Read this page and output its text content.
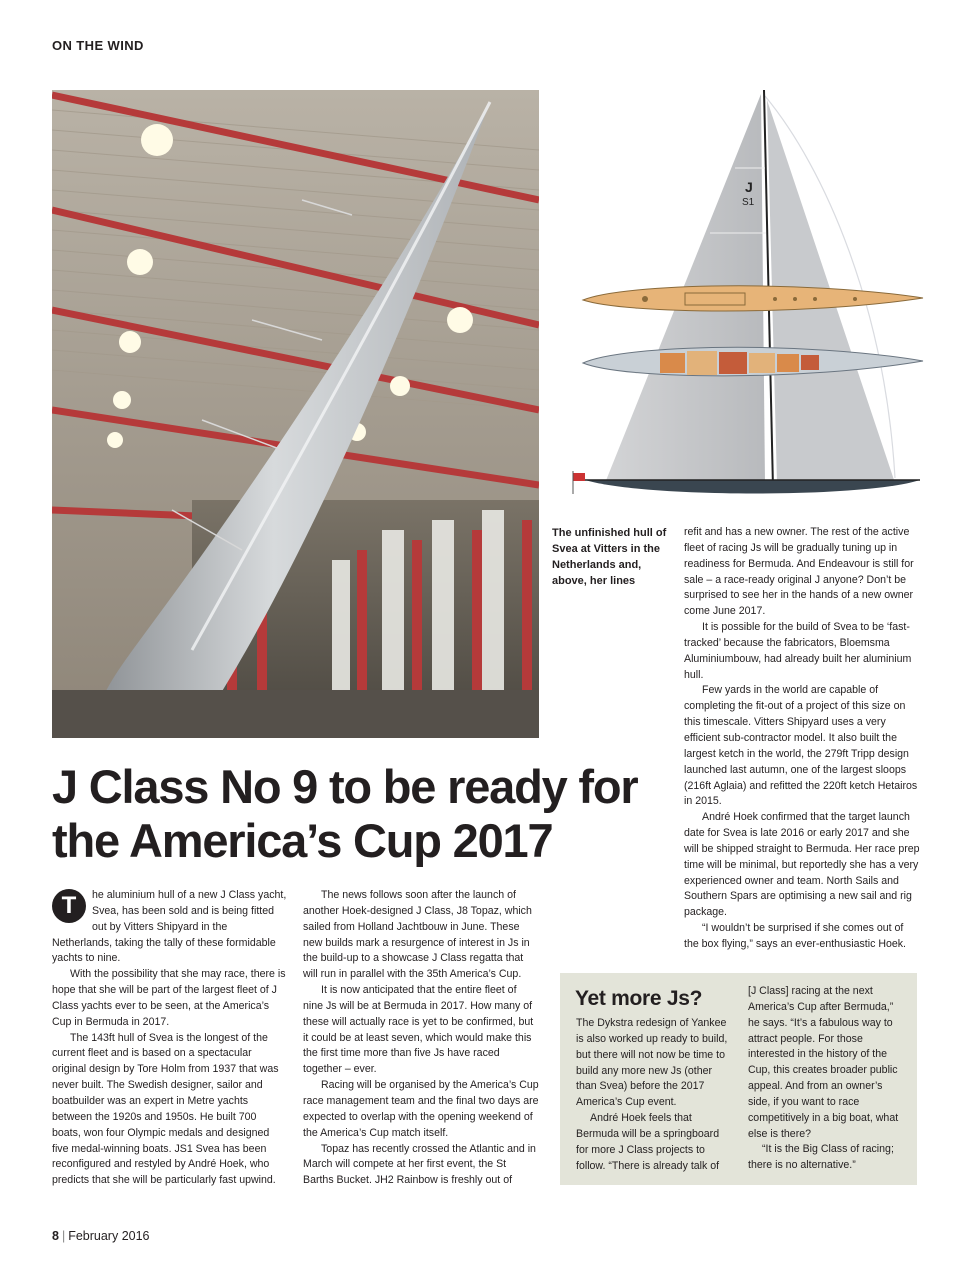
ON THE WIND
J
S1
The unfinished hull of Svea at Vitters in the Netherlands and, above, her lines
J Class No 9 to be ready for the America’s Cup 2017

T	he aluminium hull of a new J Class yacht, Svea, has been sold and is being fitted out by Vitters Shipyard in the Netherlands, taking the tally of these formidable yachts to nine.

With the possibility that she may race, there is hope that she will be part of the largest fleet of J Class yachts ever to be seen, at the America’s Cup in Bermuda in 2017.

The 143ft hull of Svea is the longest of the current fleet and is based on a spectacular original design by Tore Holm from 1937 that was never built. The Swedish designer, sailor and boatbuilder was an expert in Metre yachts between the 1920s and 1950s. He built 700 boats, won four Olympic medals and designed five medal-winning boats. JS1 Svea has been reconfigured and restyled by André Hoek, who predicts that she will be particularly fast upwind.

The news follows soon after the launch of another Hoek-designed J Class, J8 Topaz, which sailed from Holland Jachtbouw in June. These new builds mark a resurgence of interest in Js in the build-up to a showcase J Class regatta that will run in parallel with the 35th America’s Cup.

It is now anticipated that the entire fleet of nine Js will be at Bermuda in 2017. How many of these will actually race is yet to be confirmed, but it could be at least seven, which would make this the first time more than five Js have raced together – ever.

Racing will be organised by the America’s Cup race management team and the final two days are expected to overlap with the opening weekend of the America’s Cup match itself.

Topaz has recently crossed the Atlantic and in March will compete at her first event, the St Barths Bucket. JH2 Rainbow is freshly out of

refit and has a new owner. The rest of the active fleet of racing Js will be gradually tuning up in readiness for Bermuda. And Endeavour is still for sale – a race-ready original J anyone? Don’t be surprised to see her in the hands of a new owner come June 2017.

It is possible for the build of Svea to be ‘fast-tracked’ because the fabricators, Bloemsma Aluminiumbouw, had already built her aluminium hull.

Few yards in the world are capable of completing the fit-out of a project of this size on this timescale. Vitters Shipyard uses a very efficient sub-contractor model. It also built the largest ketch in the world, the 279ft Tripp design launched last autumn, one of the largest sloops (216ft Aglaia) and refitted the 220ft ketch Hetairos in 2015.

André Hoek confirmed that the target launch date for Svea is late 2016 or early 2017 and she will be shipped straight to Bermuda. Her race prep time will be minimal, but reportedly she has a very experienced owner and team. North Sails and Southern Spars are optimising a new sail and rig package.

“I wouldn’t be surprised if she comes out of the box flying,” says an ever-enthusiastic Hoek.

Yet more Js?

The Dykstra redesign of Yankee is also worked up ready to build, but there will not now be time to build any more new Js (other than Svea) before the 2017 America’s Cup event.

André Hoek feels that Bermuda will be a springboard for more J Class projects to follow. “There is already talk of

[J Class] racing at the next America’s Cup after Bermuda,” he says. “It’s a fabulous way to attract people. For those interested in the history of the Cup, this creates broader public appeal. And from an owner’s side, if you want to race competitively in a big boat, what else is there?

“It is the Big Class of racing; there is no alternative.”

8 | February 2016
